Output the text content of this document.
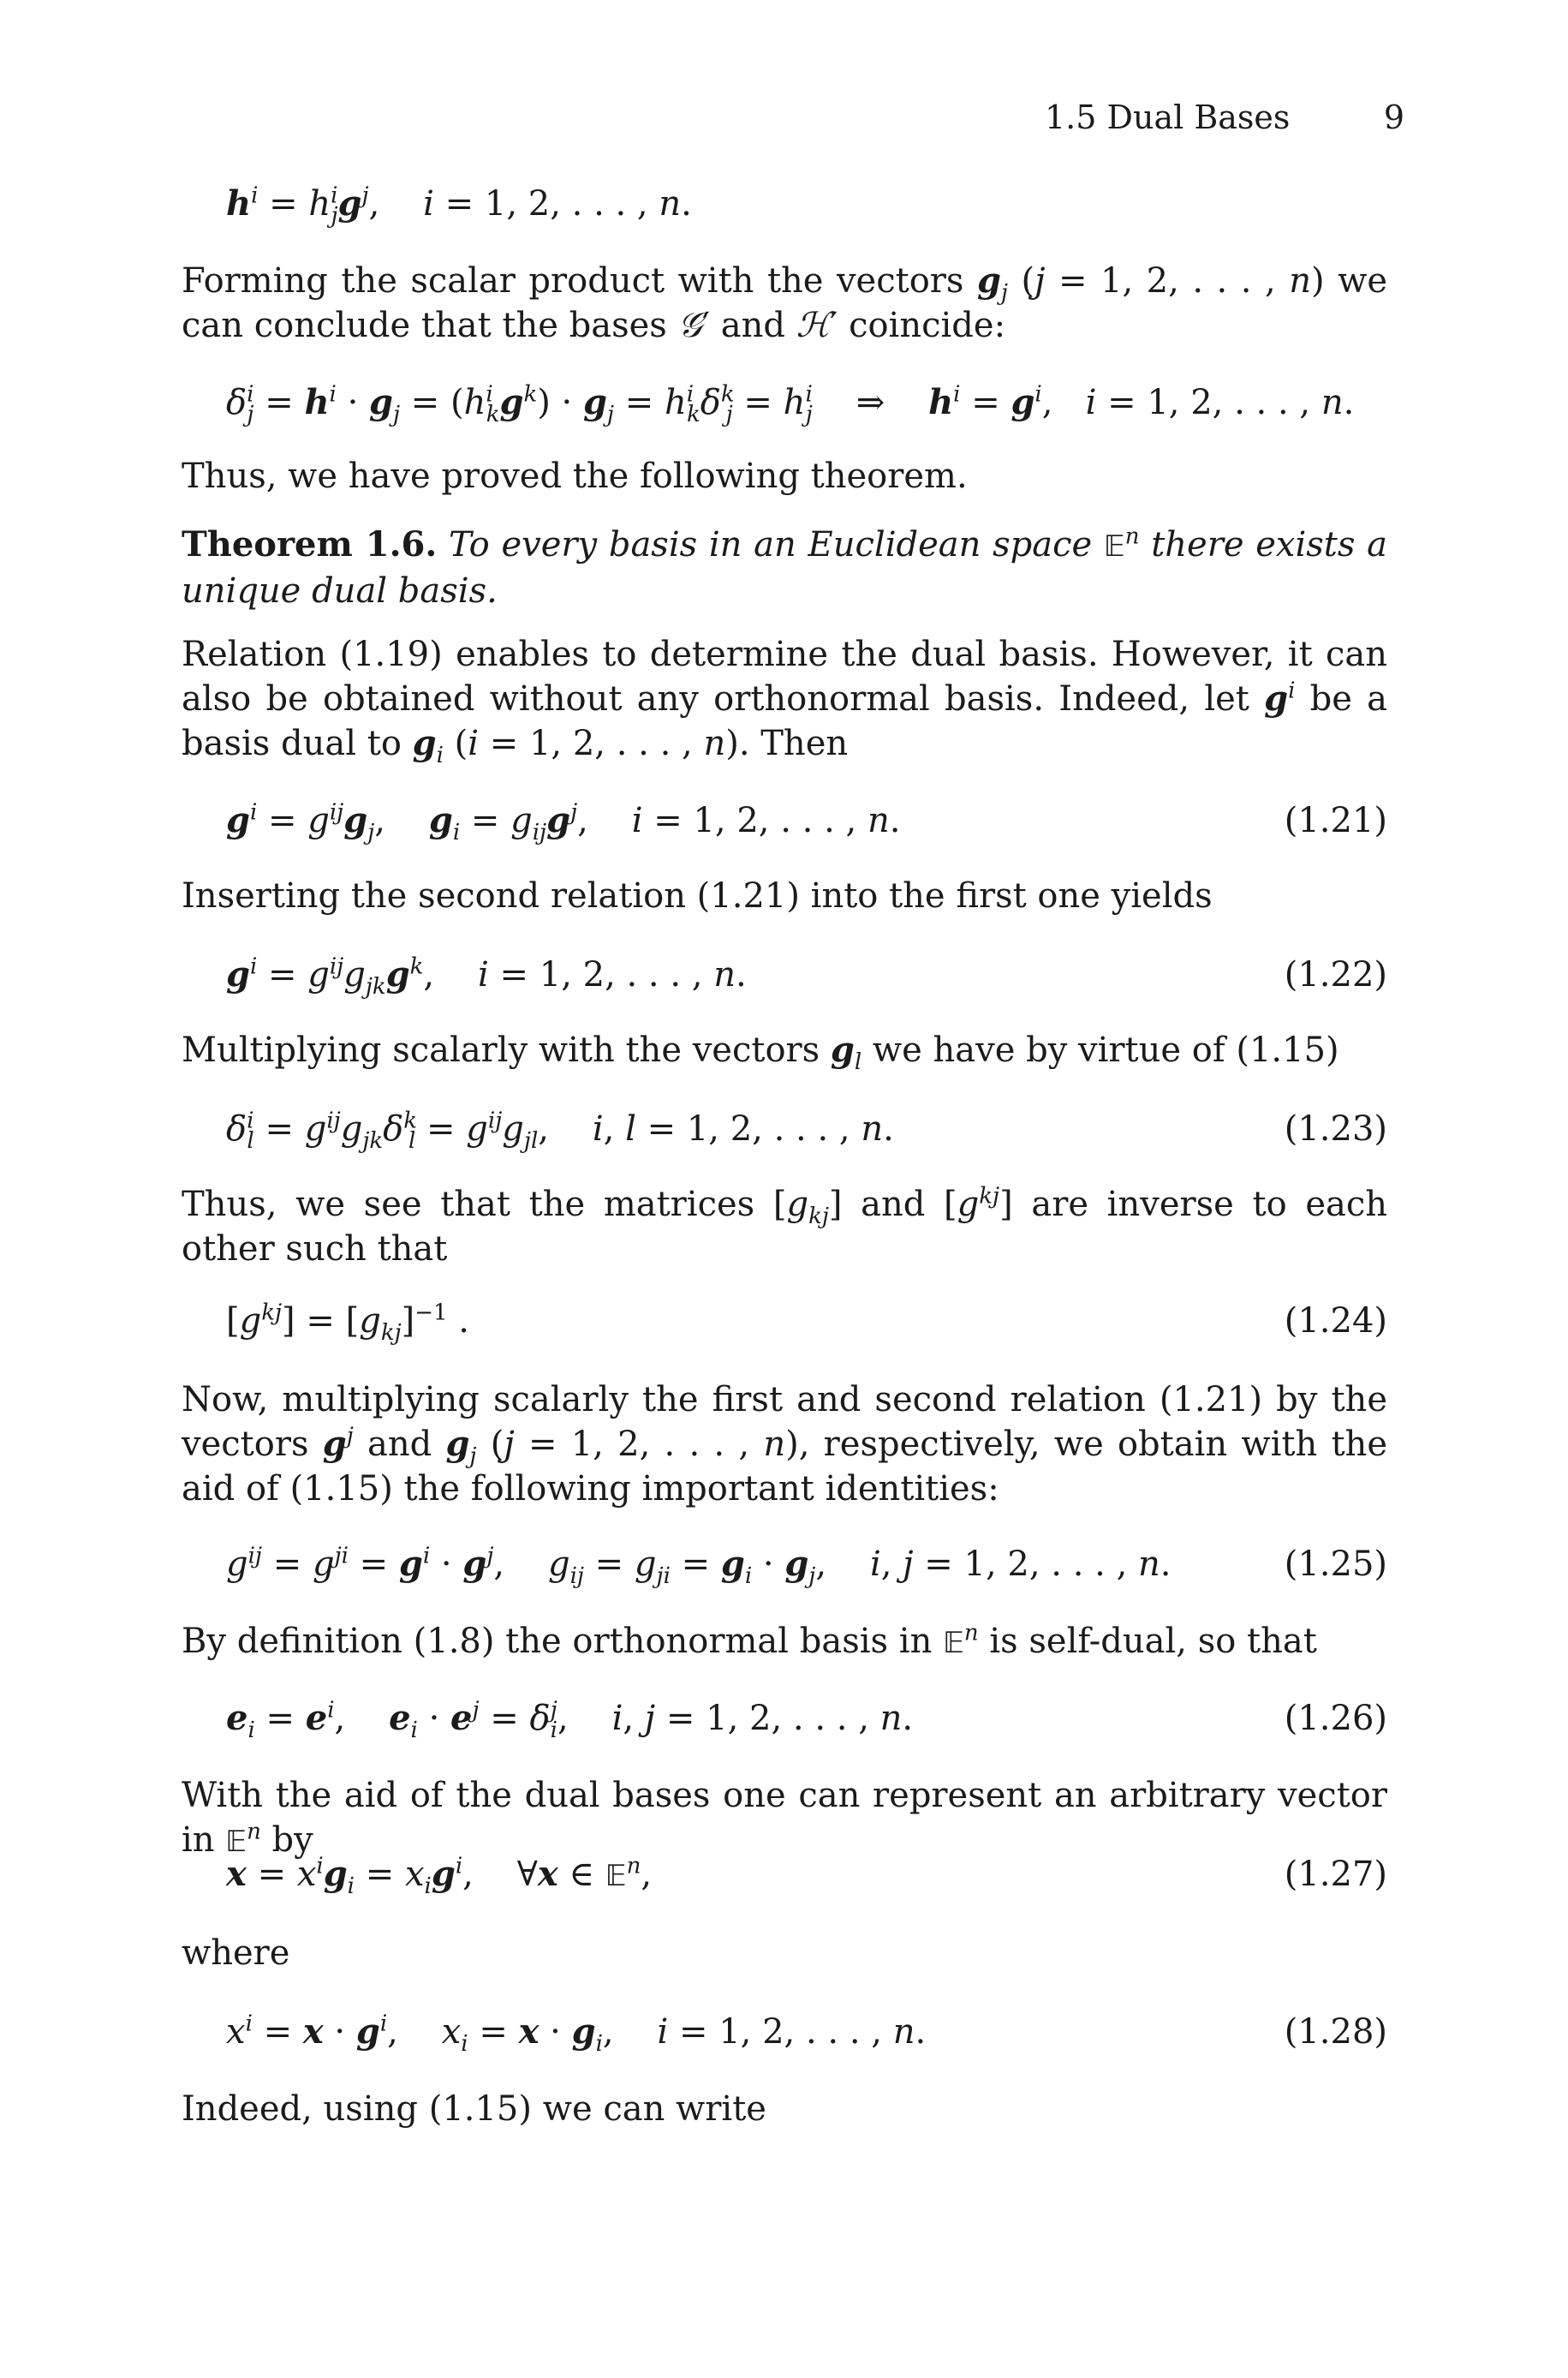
1.5 Dual Bases	9
$h^i = h^i_jg^j$,    i = 1, 2, . . . , n.
Forming the scalar product with the vectors $g_j$ (j = 1, 2, . . . , n) we can conclude that the bases 𝒢′ and ℋ′ coincide:
$\delta^i_j = h^i \cdot g_j = (h^i_kg^k) \cdot g_j = h^i_k\delta^k_j = h^i_j$    ⇒    $h^i = g^i$,   i = 1, 2, . . . , n.
Thus, we have proved the following theorem.
Theorem 1.6. To every basis in an Euclidean space 𝔼$^n$ there exists a unique dual basis.
Relation (1.19) enables to determine the dual basis. However, it can also be obtained without any orthonormal basis. Indeed, let $g^i$ be a basis dual to $g_i$ (i = 1, 2, . . . , n). Then
$g^i = g^{ij}g_j$,    $g_i = g_{ij}g^j$,    i = 1, 2, . . . , n.	(1.21)
Inserting the second relation (1.21) into the first one yields
$g^i = g^{ij}g_{jk}g^k$,    i = 1, 2, . . . , n.	(1.22)
Multiplying scalarly with the vectors $g_l$ we have by virtue of (1.15)
$\delta^i_l = g^{ij}g_{jk}\delta^k_l = g^{ij}g_{jl}$,    i, l = 1, 2, . . . , n.	(1.23)
Thus, we see that the matrices $[g_{kj}]$ and $[g^{kj}]$ are inverse to each other such that
$[g^{kj}] = [g_{kj}]^{-1}$ .	(1.24)
Now, multiplying scalarly the first and second relation (1.21) by the vectors $g^j$ and $g_j$ (j = 1, 2, . . . , n), respectively, we obtain with the aid of (1.15) the following important identities:
$g^{ij} = g^{ji} = g^i \cdot g^j$,    $g_{ij} = g_{ji} = g_i \cdot g_j$,    i, j = 1, 2, . . . , n.	(1.25)
By definition (1.8) the orthonormal basis in 𝔼$^n$ is self-dual, so that
$e_i = e^i$,    $e_i \cdot e^j = \delta^j_i$,    i, j = 1, 2, . . . , n.	(1.26)
With the aid of the dual bases one can represent an arbitrary vector in 𝔼$^n$ by
$x = x^ig_i = x_ig^i$,    ∀x ∈ 𝔼$^n$,	(1.27)
where
$x^i = x \cdot g^i$,    $x_i = x \cdot g_i$,    i = 1, 2, . . . , n.	(1.28)
Indeed, using (1.15) we can write
